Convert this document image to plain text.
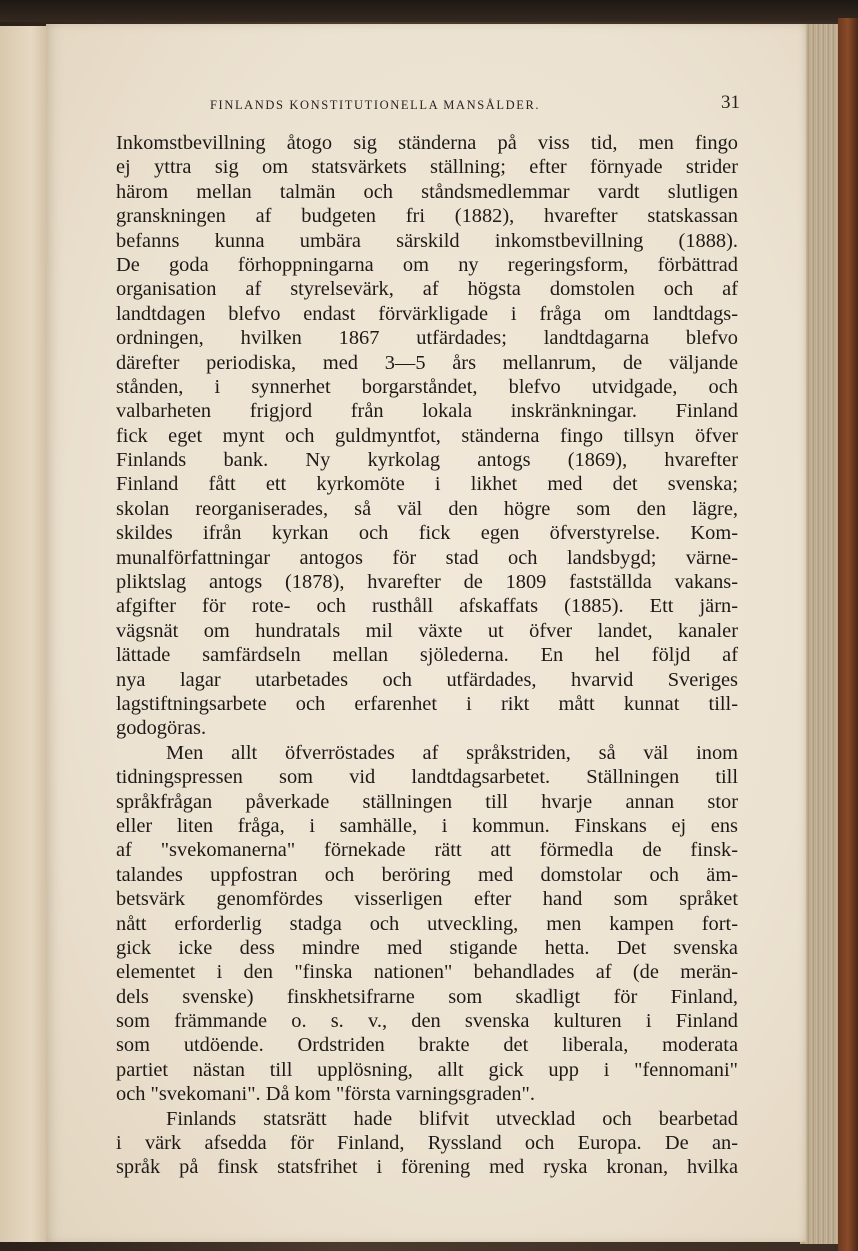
FINLANDS KONSTITUTIONELLA MANSÅLDER.	31
Inkomstbevillning åtogo sig ständerna på viss tid, men fingo
ej yttra sig om statsvärkets ställning; efter förnyade strider
härom mellan talmän och ståndsmedlemmar vardt slutligen
granskningen af budgeten fri (1882), hvarefter statskassan
befanns kunna umbära särskild inkomstbevillning (1888).
De goda förhoppningarna om ny regeringsform, förbättrad
organisation af styrelsevärk, af högsta domstolen och af
landtdagen blefvo endast förvärkligade i fråga om landtdags-
ordningen, hvilken 1867 utfärdades; landtdagarna blefvo
därefter periodiska, med 3—5 års mellanrum, de väljande
stånden, i synnerhet borgarståndet, blefvo utvidgade, och
valbarheten frigjord från lokala inskränkningar. Finland
fick eget mynt och guldmyntfot, ständerna fingo tillsyn öfver
Finlands bank. Ny kyrkolag antogs (1869), hvarefter
Finland fått ett kyrkomöte i likhet med det svenska;
skolan reorganiserades, så väl den högre som den lägre,
skildes ifrån kyrkan och fick egen öfverstyrelse. Kom-
munalförfattningar antogos för stad och landsbygd; värne-
pliktslag antogs (1878), hvarefter de 1809 fastställda vakans-
afgifter för rote- och rusthåll afskaffats (1885). Ett järn-
vägsnät om hundratals mil växte ut öfver landet, kanaler
lättade samfärdseln mellan sjölederna. En hel följd af
nya lagar utarbetades och utfärdades, hvarvid Sveriges
lagstiftningsarbete och erfarenhet i rikt mått kunnat till-
godogöras.
Men allt öfverröstades af språkstriden, så väl inom
tidningspressen som vid landtdagsarbetet. Ställningen till
språkfrågan påverkade ställningen till hvarje annan stor
eller liten fråga, i samhälle, i kommun. Finskans ej ens
af "svekomanerna" förnekade rätt att förmedla de finsk-
talandes uppfostran och beröring med domstolar och äm-
betsvärk genomfördes visserligen efter hand som språket
nått erforderlig stadga och utveckling, men kampen fort-
gick icke dess mindre med stigande hetta. Det svenska
elementet i den "finska nationen" behandlades af (de merän-
dels svenske) finskhetsifrarne som skadligt för Finland,
som främmande o. s. v., den svenska kulturen i Finland
som utdöende. Ordstriden brakte det liberala, moderata
partiet nästan till upplösning, allt gick upp i "fennomani"
och "svekomani". Då kom "första varningsgraden".
Finlands statsrätt hade blifvit utvecklad och bearbetad
i värk afsedda för Finland, Ryssland och Europa. De an-
språk på finsk statsfrihet i förening med ryska kronan, hvilka
